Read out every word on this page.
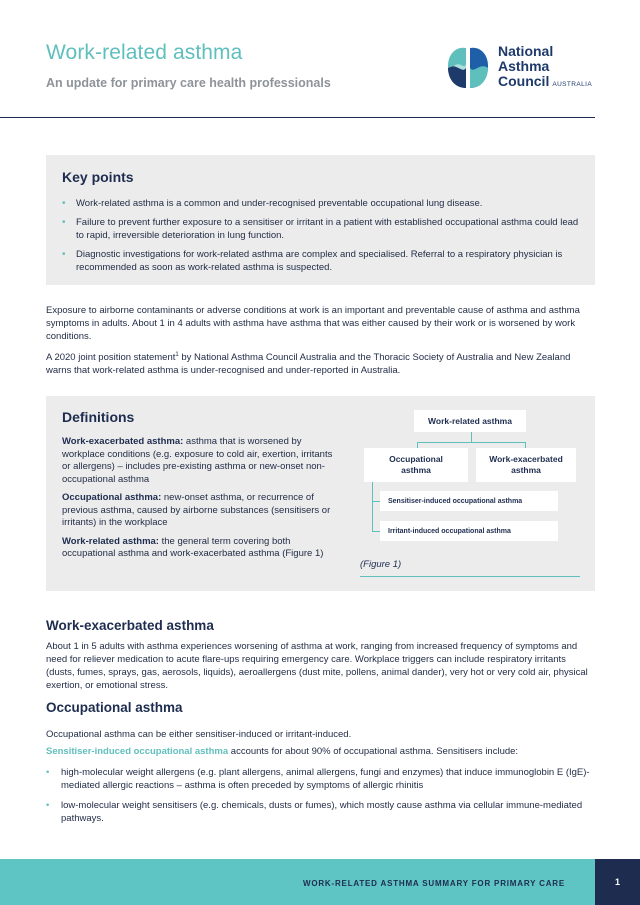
Work-related asthma
An update for primary care health professionals
National
Asthma
Council AUSTRALIA
Key points
• Work-related asthma is a common and under-recognised preventable occupational lung disease.
• Failure to prevent further exposure to a sensitiser or irritant in a patient with established occupational asthma could lead to rapid, irreversible deterioration in lung function.
• Diagnostic investigations for work-related asthma are complex and specialised. Referral to a respiratory physician is recommended as soon as work-related asthma is suspected.

Exposure to airborne contaminants or adverse conditions at work is an important and preventable cause of asthma and asthma symptoms in adults. About 1 in 4 adults with asthma have asthma that was either caused by their work or is worsened by work conditions.

A 2020 joint position statement$^1$ by National Asthma Council Australia and the Thoracic Society of Australia and New Zealand warns that work-related asthma is under-recognised and under-reported in Australia.

Definitions

Work-exacerbated asthma: asthma that is worsened by workplace conditions (e.g. exposure to cold air, exertion, irritants or allergens) – includes pre-existing asthma or new-onset non-occupational asthma

Occupational asthma: new-onset asthma, or recurrence of previous asthma, caused by airborne substances (sensitisers or irritants) in the workplace

Work-related asthma: the general term covering both occupational asthma and work-exacerbated asthma (Figure 1)

Work-related asthma
Occupational asthma
Work-exacerbated asthma
Sensitiser-induced occupational asthma
Irritant-induced occupational asthma
(Figure 1)
Work-exacerbated asthma

About 1 in 5 adults with asthma experiences worsening of asthma at work, ranging from increased frequency of symptoms and need for reliever medication to acute flare-ups requiring emergency care. Workplace triggers can include respiratory irritants (dusts, fumes, sprays, gas, aerosols, liquids), aeroallergens (dust mite, pollens, animal dander), very hot or very cold air, physical exertion, or emotional stress.

Occupational asthma

Occupational asthma can be either sensitiser-induced or irritant-induced.

Sensitiser-induced occupational asthma accounts for about 90% of occupational asthma. Sensitisers include:

• high-molecular weight allergens (e.g. plant allergens, animal allergens, fungi and enzymes) that induce immunoglobin E (IgE)-mediated allergic reactions – asthma is often preceded by symptoms of allergic rhinitis
• low-molecular weight sensitisers (e.g. chemicals, dusts or fumes), which mostly cause asthma via cellular immune-mediated pathways.
WORK-RELATED ASTHMA SUMMARY FOR PRIMARY CARE	1
